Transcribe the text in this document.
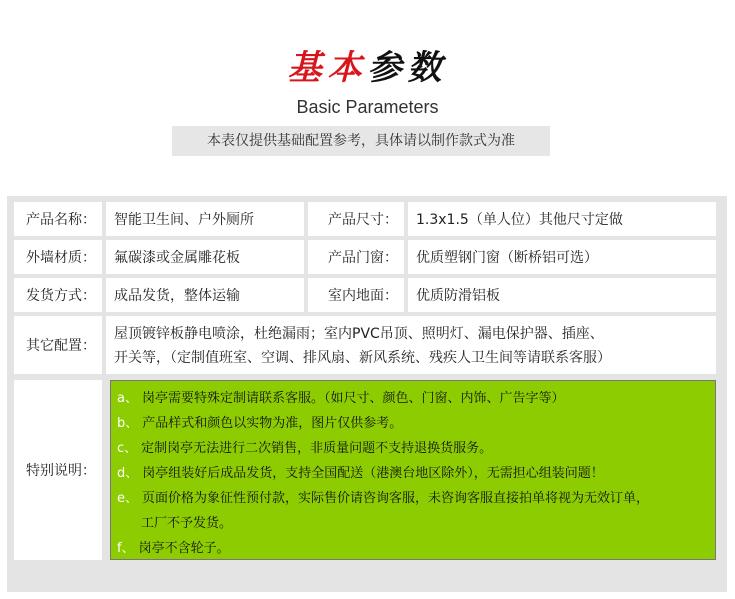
基本参数
Basic Parameters
本表仅提供基础配置参考，具体请以制作款式为准
产品名称：	智能卫生间、户外厕所	产品尺寸：	1.3x1.5（单人位）其他尺寸定做
外墙材质：	氟碳漆或金属雕花板	产品门窗：	优质塑钢门窗（断桥铝可选）
发货方式：	成品发货，整体运输	室内地面：	优质防滑铝板
其它配置：
屋顶镀锌板静电喷涂，杜绝漏雨；室内PVC吊顶、照明灯、漏电保护器、插座、
开关等，（定制值班室、空调、排风扇、新风系统、残疾人卫生间等请联系客服）
特别说明：
a、 岗亭需要特殊定制请联系客服。（如尺寸、颜色、门窗、内饰、广告字等）
b、 产品样式和颜色以实物为准，图片仅供参考。
c、 定制岗亭无法进行二次销售，非质量问题不支持退换货服务。
d、 岗亭组装好后成品发货，支持全国配送（港澳台地区除外），无需担心组装问题！
e、 页面价格为象征性预付款，实际售价请咨询客服，未咨询客服直接拍单将视为无效订单，
工厂不予发货。
f、 岗亭不含轮子。
